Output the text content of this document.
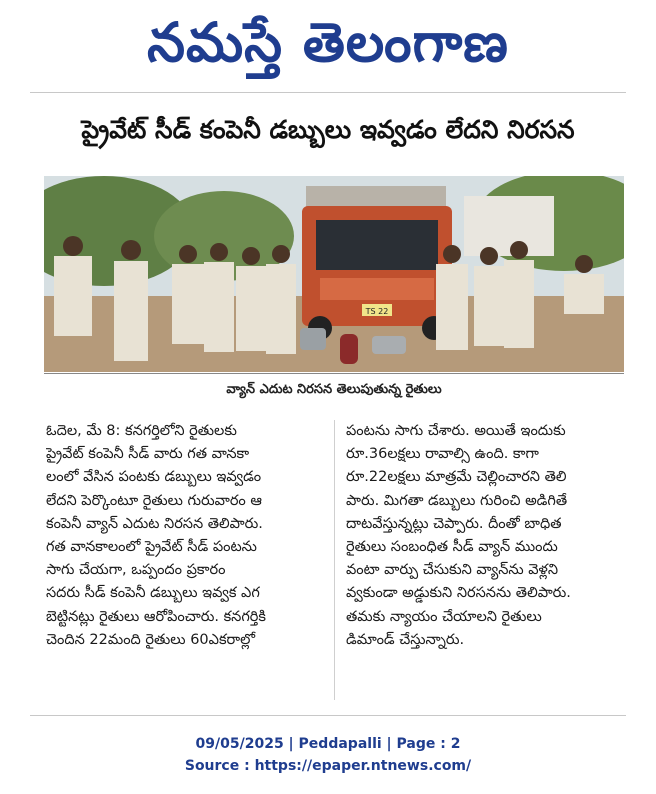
నమస్తే తెలంగాణ
ప్రైవేట్ సీడ్ కంపెనీ డబ్బులు ఇవ్వడం లేదని నిరసన
TS 22
వ్యాన్ ఎదుట నిరసన తెలుపుతున్న రైతులు
ఓదెల, మే 8: కనగర్తిలోని రైతులకు
ప్రైవేట్ కంపెనీ సీడ్ వారు గత వానకా
లంలో వేసిన పంటకు డబ్బులు ఇవ్వడం
లేదని పెర్కొంటూ రైతులు గురువారం ఆ
కంపెనీ వ్యాన్ ఎదుట నిరసన తెలిపారు.
గత వానకాలంలో ప్రైవేట్ సీడ్ పంటను
సాగు చేయగా, ఒప్పందం ప్రకారం
సదరు సీడ్ కంపెనీ డబ్బులు ఇవ్వక ఎగ
బెట్టినట్లు రైతులు ఆరోపించారు. కనగర్తికి
చెందిన 22మంది రైతులు 60ఎకరాల్లో
పంటను సాగు చేశారు. అయితే ఇందుకు
రూ.36లక్షలు రావాల్సి ఉంది. కాగా
రూ.22లక్షలు మాత్రమే చెల్లించారని తెలి
పారు. మిగతా డబ్బులు గురించి అడిగితే
దాటవేస్తున్నట్లు చెప్పారు. దీంతో బాధిత
రైతులు సంబంధిత సీడ్ వ్యాన్ ముందు
వంటా వార్పు చేసుకుని వ్యాన్‌ను వెళ్లని
వ్వకుండా అడ్డుకుని నిరసనను తెలిపారు.
తమకు న్యాయం చేయాలని రైతులు
డిమాండ్ చేస్తున్నారు.
09/05/2025 | Peddapalli | Page : 2
Source : https://epaper.ntnews.com/
